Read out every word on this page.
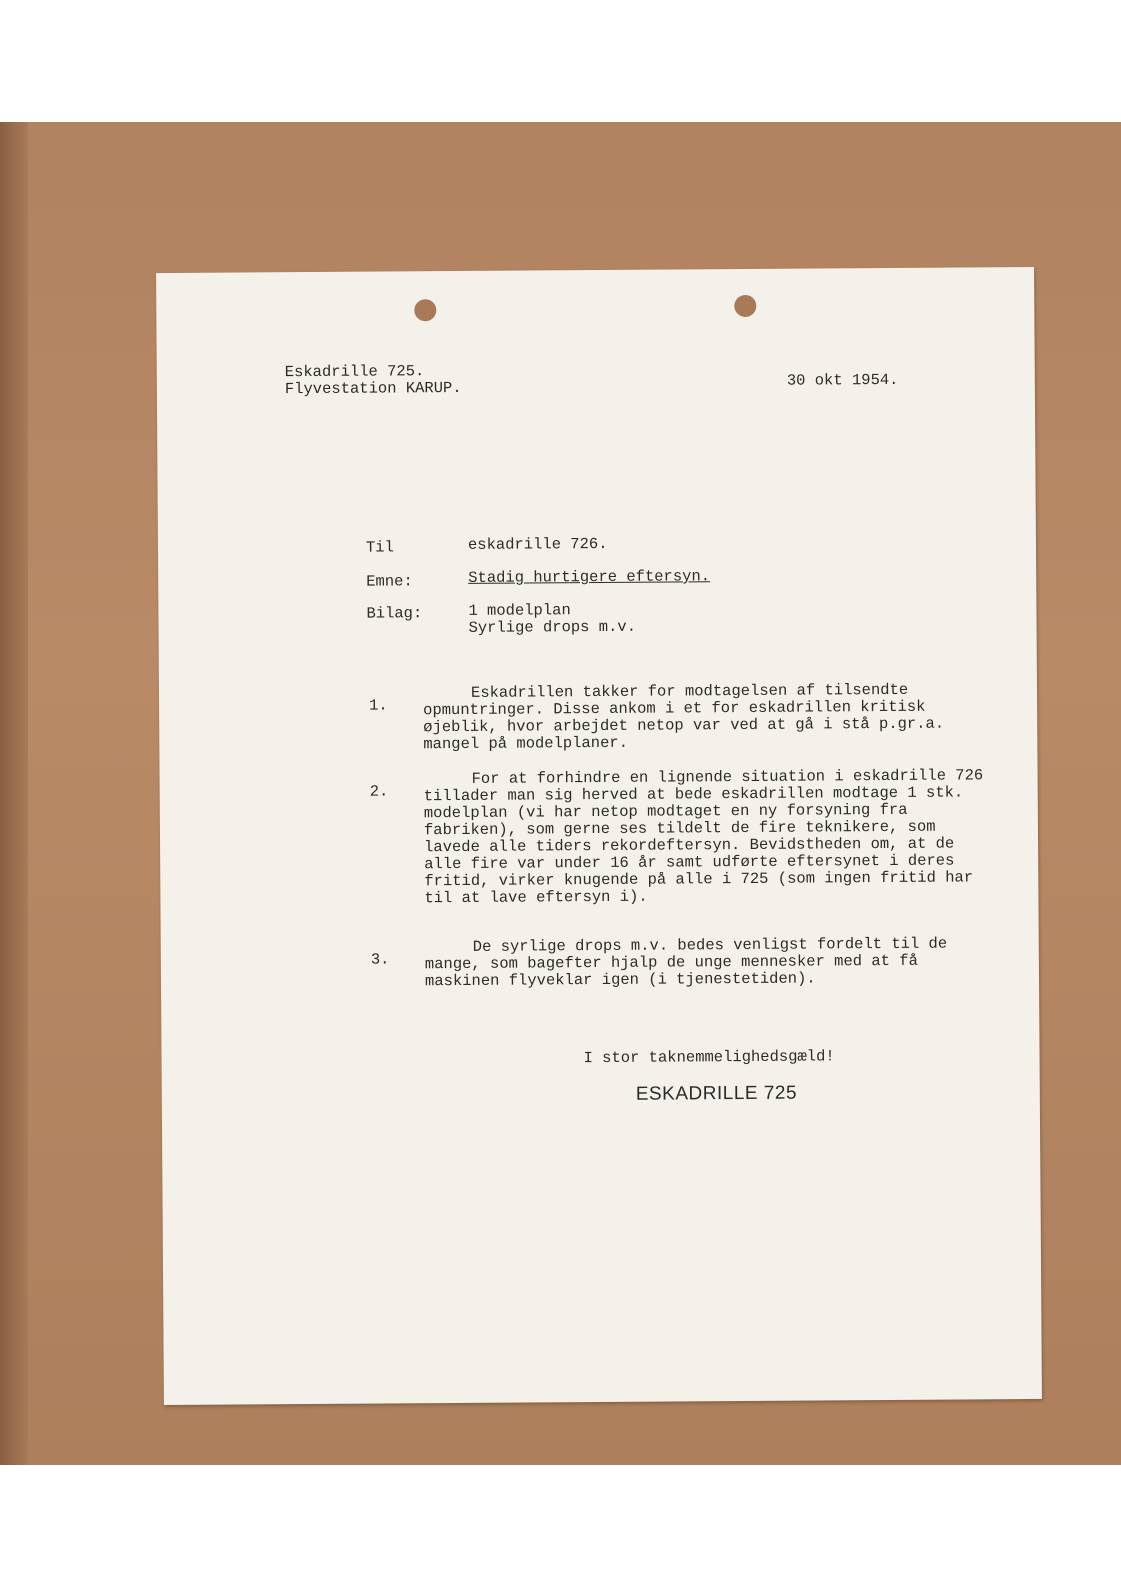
Eskadrille 725.
Flyvestation KARUP.	30 okt 1954.
Til	eskadrille 726.
Emne:	Stadig hurtigere eftersyn.
Bilag:	1 modelplan
Syrlige drops m.v.
1.

Eskadrillen takker for modtagelsen af tilsendte opmuntringer. Disse ankom i et for eskadrillen kritisk øjeblik, hvor arbejdet netop var ved at gå i stå p.gr.a. mangel på modelplaner.

2.

For at forhindre en lignende situation i eskadrille 726 tillader man sig herved at bede eskadrillen modtage 1 stk. modelplan (vi har netop modtaget en ny forsyning fra fabriken), som gerne ses tildelt de fire teknikere, som lavede alle tiders rekordeftersyn. Bevidstheden om, at de alle fire var under 16 år samt udførte eftersynet i deres fritid, virker knugende på alle i 725 (som ingen fritid har til at lave eftersyn i).

3.

De syrlige drops m.v. bedes venligst fordelt til de mange, som bagefter hjalp de unge mennesker med at få maskinen flyveklar igen (i tjenestetiden).

I stor taknemmelighedsgæld!
ESKADRILLE 725
